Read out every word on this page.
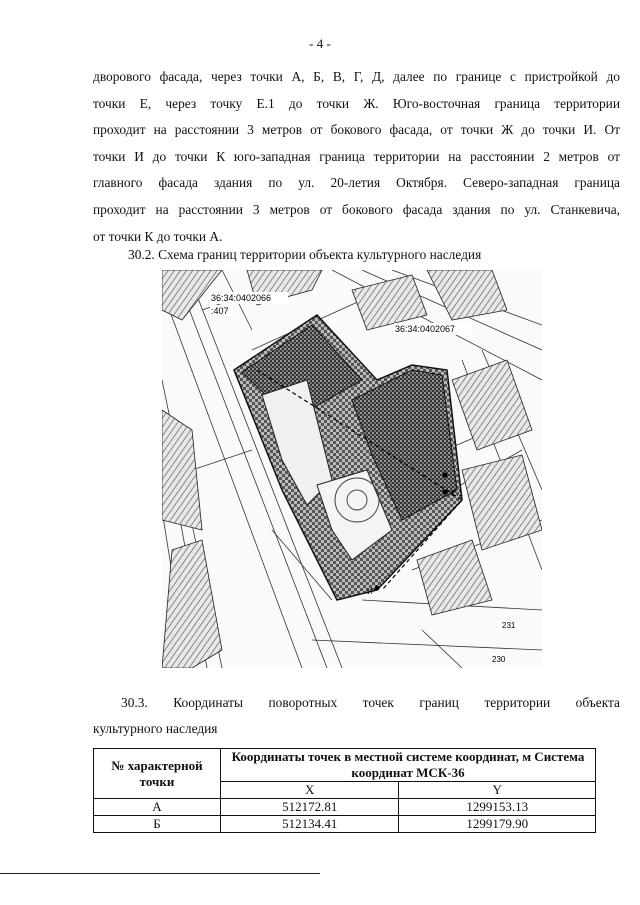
- 4 -
дворового фасада, через точки А, Б, В, Г, Д, далее по границе с пристройкой до
точки Е, через точку Е.1 до точки Ж. Юго-восточная граница территории
проходит на расстоянии 3 метров от бокового фасада, от точки Ж до точки И. От
точки И до точки К юго-западная граница территории на расстоянии 2 метров от
главного фасада здания по ул. 20-летия Октября. Северо-западная граница
проходит на расстоянии 3 метров от бокового фасада здания по ул. Станкевича,
от точки К до точки А.
30.2. Схема границ территории объекта культурного наследия
36:34:0402066
:407
36:34:0402067
Е.1
И
231
230
30.3. Координаты поворотных точек границ территории объекта
культурного наследия
№ характерной точки	Координаты точек в местной системе координат, м Система координат МСК-36	
	X	Y
А	512172.81	1299153.13
Б	512134.41	1299179.90
